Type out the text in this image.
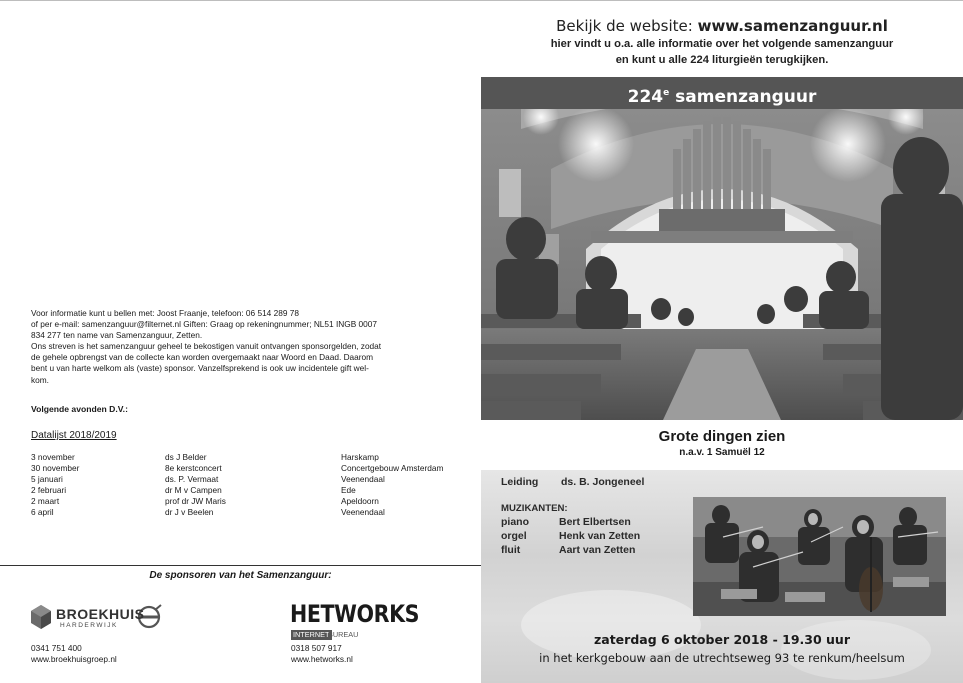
Voor informatie kunt u bellen met: Joost Fraanje, telefoon: 06 514 289 78

of per e-mail: samenzanguur@filternet.nl Giften: Graag op rekeningnummer; NL51 INGB 0007

834 277 ten name van Samenzanguur, Zetten.

Ons streven is het samenzanguur geheel te bekostigen vanuit ontvangen sponsorgelden, zodat

de gehele opbrengst van de collecte kan worden overgemaakt naar Woord en Daad. Daarom

bent u van harte welkom als (vaste) sponsor. Vanzelfsprekend is ook uw incidentele gift wel-

kom.

Volgende avonden D.V.:
Datalijst 2018/2019
3 november	ds J Belder	Harskamp
30 november	8e kerstconcert	Concertgebouw Amsterdam
5 januari	ds. P. Vermaat	Veenendaal
2 februari	dr M v Campen	Ede
2 maart	prof dr JW Maris	Apeldoorn
6 april	dr J v Beelen	Veenendaal
De sponsoren van het Samenzanguur:
BROEKHUIS
HARDERWIJK
0341 751 400
www.broekhuisgroep.nl
HETWORKS
INTERNET
BUREAU
0318 507 917
www.hetworks.nl
Bekijk de website: www.samenzanguur.nl
hier vindt u o.a. alle informatie over het volgende samenzanguur
en kunt u alle 224 liturgieën terugkijken.
224e samenzanguur
Grote dingen zien
n.a.v. 1 Samuël 12
Leiding ds. B. Jongeneel
MUZIKANTEN:
piano	Bert Elbertsen
orgel	Henk van Zetten
fluit	Aart van Zetten
zaterdag 6 oktober 2018 - 19.30 uur
in het kerkgebouw aan de utrechtseweg 93 te renkum/heelsum
